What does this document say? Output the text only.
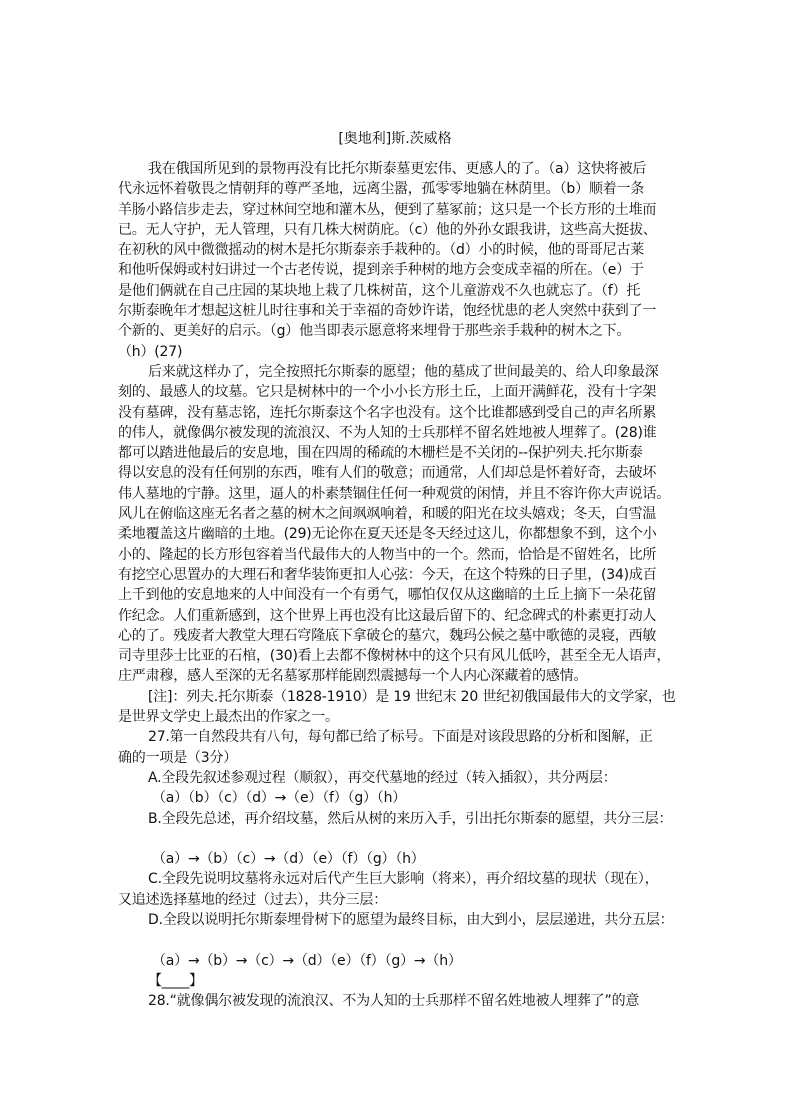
[奥地利]斯.茨威格
我在俄国所见到的景物再没有比托尔斯泰墓更宏伟、更感人的了。（a）这快将被后
代永远怀着敬畏之情朝拜的尊严圣地，远离尘嚣，孤零零地躺在林荫里。（b）顺着一条
羊肠小路信步走去，穿过林间空地和灌木丛，便到了墓冢前；这只是一个长方形的土堆而
已。无人守护，无人管理，只有几株大树荫庇。（c）他的外孙女跟我讲，这些高大挺拔、
在初秋的风中微微摇动的树木是托尔斯泰亲手栽种的。（d）小的时候，他的哥哥尼古莱
和他听保姆或村妇讲过一个古老传说，提到亲手种树的地方会变成幸福的所在。（e）于
是他们俩就在自己庄园的某块地上栽了几株树苗，这个儿童游戏不久也就忘了。（f）托
尔斯泰晚年才想起这桩儿时往事和关于幸福的奇妙许诺，饱经忧患的老人突然中获到了一
个新的、更美好的启示。（g）他当即表示愿意将来埋骨于那些亲手栽种的树木之下。
（h）(27)
后来就这样办了，完全按照托尔斯泰的愿望；他的墓成了世间最美的、给人印象最深
刻的、最感人的坟墓。它只是树林中的一个小小长方形土丘，上面开满鲜花，没有十字架
没有墓碑，没有墓志铭，连托尔斯泰这个名字也没有。这个比谁都感到受自己的声名所累
的伟人，就像偶尔被发现的流浪汉、不为人知的士兵那样不留名姓地被人埋葬了。(28)谁
都可以踏进他最后的安息地，围在四周的稀疏的木栅栏是不关闭的--保护列夫.托尔斯泰
得以安息的没有任何别的东西，唯有人们的敬意；而通常，人们却总是怀着好奇，去破坏
伟人墓地的宁静。这里，逼人的朴素禁锢住任何一种观赏的闲情，并且不容许你大声说话。
风儿在俯临这座无名者之墓的树木之间飒飒响着，和暖的阳光在坟头嬉戏；冬天，白雪温
柔地覆盖这片幽暗的土地。(29)无论你在夏天还是冬天经过这儿，你都想象不到，这个小
小的、隆起的长方形包容着当代最伟大的人物当中的一个。然而，恰恰是不留姓名，比所
有挖空心思置办的大理石和奢华装饰更扣人心弦：今天，在这个特殊的日子里，(34)成百
上千到他的安息地来的人中间没有一个有勇气，哪怕仅仅从这幽暗的土丘上摘下一朵花留
作纪念。人们重新感到，这个世界上再也没有比这最后留下的、纪念碑式的朴素更打动人
心的了。残废者大教堂大理石穹隆底下拿破仑的墓穴，魏玛公候之墓中歌德的灵寝，西敏
司寺里莎士比亚的石棺，(30)看上去都不像树林中的这个只有风儿低吟，甚至全无人语声，
庄严肃穆，感人至深的无名墓冢那样能剧烈震撼每一个人内心深藏着的感情。
[注]：列夫.托尔斯泰（1828-1910）是 19 世纪末 20 世纪初俄国最伟大的文学家，也
是世界文学史上最杰出的作家之一。
27.第一自然段共有八句，每句都已给了标号。下面是对该段思路的分析和图解，正
确的一项是（3分）
A.全段先叙述参观过程（顺叙），再交代墓地的经过（转入插叙），共分两层：
（a）（b）（c）（d）→（e）（f）（g）（h）
B.全段先总述，再介绍坟墓，然后从树的来历入手，引出托尔斯泰的愿望，共分三层：
（a）→（b）（c）→（d）（e）（f）（g）（h）
C.全段先说明坟墓将永远对后代产生巨大影响（将来），再介绍坟墓的现状（现在），
又追述选择墓地的经过（过去），共分三层：
D.全段以说明托尔斯泰埋骨树下的愿望为最终目标，由大到小，层层递进，共分五层：
（a）→（b）→（c）→（d）（e）（f）（g）→（h）
【____】
28.“就像偶尔被发现的流浪汉、不为人知的士兵那样不留名姓地被人埋葬了”的意
